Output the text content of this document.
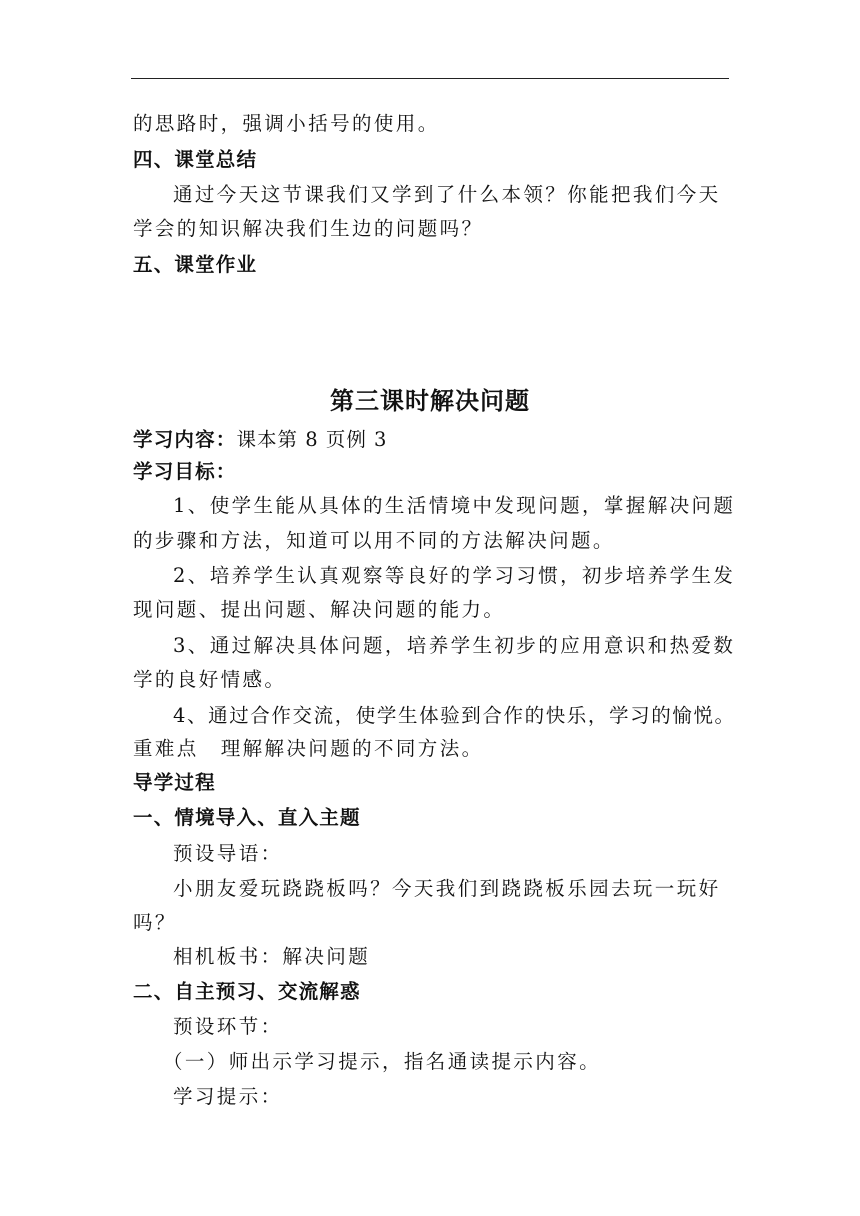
的思路时，强调小括号的使用。
四、课堂总结
通过今天这节课我们又学到了什么本领？你能把我们今天
学会的知识解决我们生边的问题吗？
五、课堂作业
第三课时解决问题
学习内容：课本第 8 页例 3
学习目标：
1、使学生能从具体的生活情境中发现问题，掌握解决问题
的步骤和方法，知道可以用不同的方法解决问题。
2、培养学生认真观察等良好的学习习惯，初步培养学生发
现问题、提出问题、解决问题的能力。
3、通过解决具体问题，培养学生初步的应用意识和热爱数
学的良好情感。
4、通过合作交流，使学生体验到合作的快乐，学习的愉悦。
重难点 理解解决问题的不同方法。
导学过程
一、情境导入、直入主题
预设导语：
小朋友爱玩跷跷板吗？今天我们到跷跷板乐园去玩一玩好
吗？
相机板书：解决问题
二、自主预习、交流解惑
预设环节：
（一）师出示学习提示，指名通读提示内容。
学习提示：
